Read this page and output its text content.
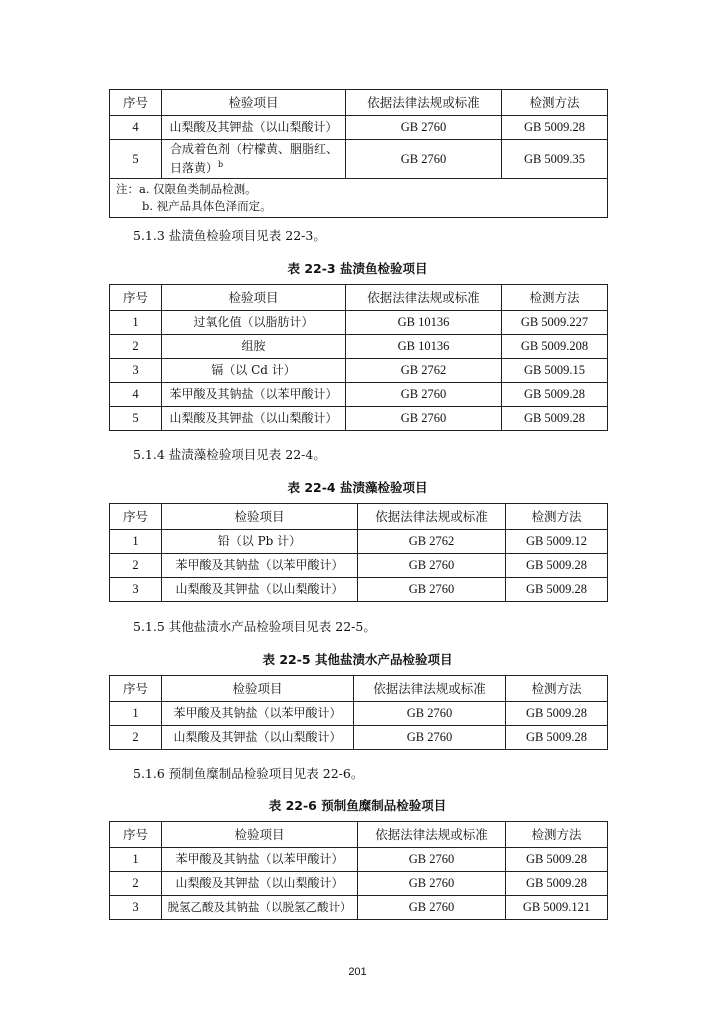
序号	检验项目	依据法律法规或标准	检测方法
4	山梨酸及其钾盐（以山梨酸计）	GB 2760	GB 5009.28
5	合成着色剂（柠檬黄、胭脂红、
日落黄）$^b$	GB 2760	GB 5009.35
注：a. 仅限鱼类制品检测。
b. 视产品具体色泽而定。			
5.1.3 盐渍鱼检验项目见表 22-3。
表 22-3 盐渍鱼检验项目
序号	检验项目	依据法律法规或标准	检测方法
1	过氧化值（以脂肪计）	GB 10136	GB 5009.227
2	组胺	GB 10136	GB 5009.208
3	镉（以 Cd 计）	GB 2762	GB 5009.15
4	苯甲酸及其钠盐（以苯甲酸计）	GB 2760	GB 5009.28
5	山梨酸及其钾盐（以山梨酸计）	GB 2760	GB 5009.28
5.1.4 盐渍藻检验项目见表 22-4。
表 22-4 盐渍藻检验项目
序号	检验项目	依据法律法规或标准	检测方法
1	铅（以 Pb 计）	GB 2762	GB 5009.12
2	苯甲酸及其钠盐（以苯甲酸计）	GB 2760	GB 5009.28
3	山梨酸及其钾盐（以山梨酸计）	GB 2760	GB 5009.28
5.1.5 其他盐渍水产品检验项目见表 22-5。
表 22-5 其他盐渍水产品检验项目
序号	检验项目	依据法律法规或标准	检测方法
1	苯甲酸及其钠盐（以苯甲酸计）	GB 2760	GB 5009.28
2	山梨酸及其钾盐（以山梨酸计）	GB 2760	GB 5009.28
5.1.6 预制鱼糜制品检验项目见表 22-6。
表 22-6 预制鱼糜制品检验项目
序号	检验项目	依据法律法规或标准	检测方法
1	苯甲酸及其钠盐（以苯甲酸计）	GB 2760	GB 5009.28
2	山梨酸及其钾盐（以山梨酸计）	GB 2760	GB 5009.28
3	脱氢乙酸及其钠盐（以脱氢乙酸计）	GB 2760	GB 5009.121
201
